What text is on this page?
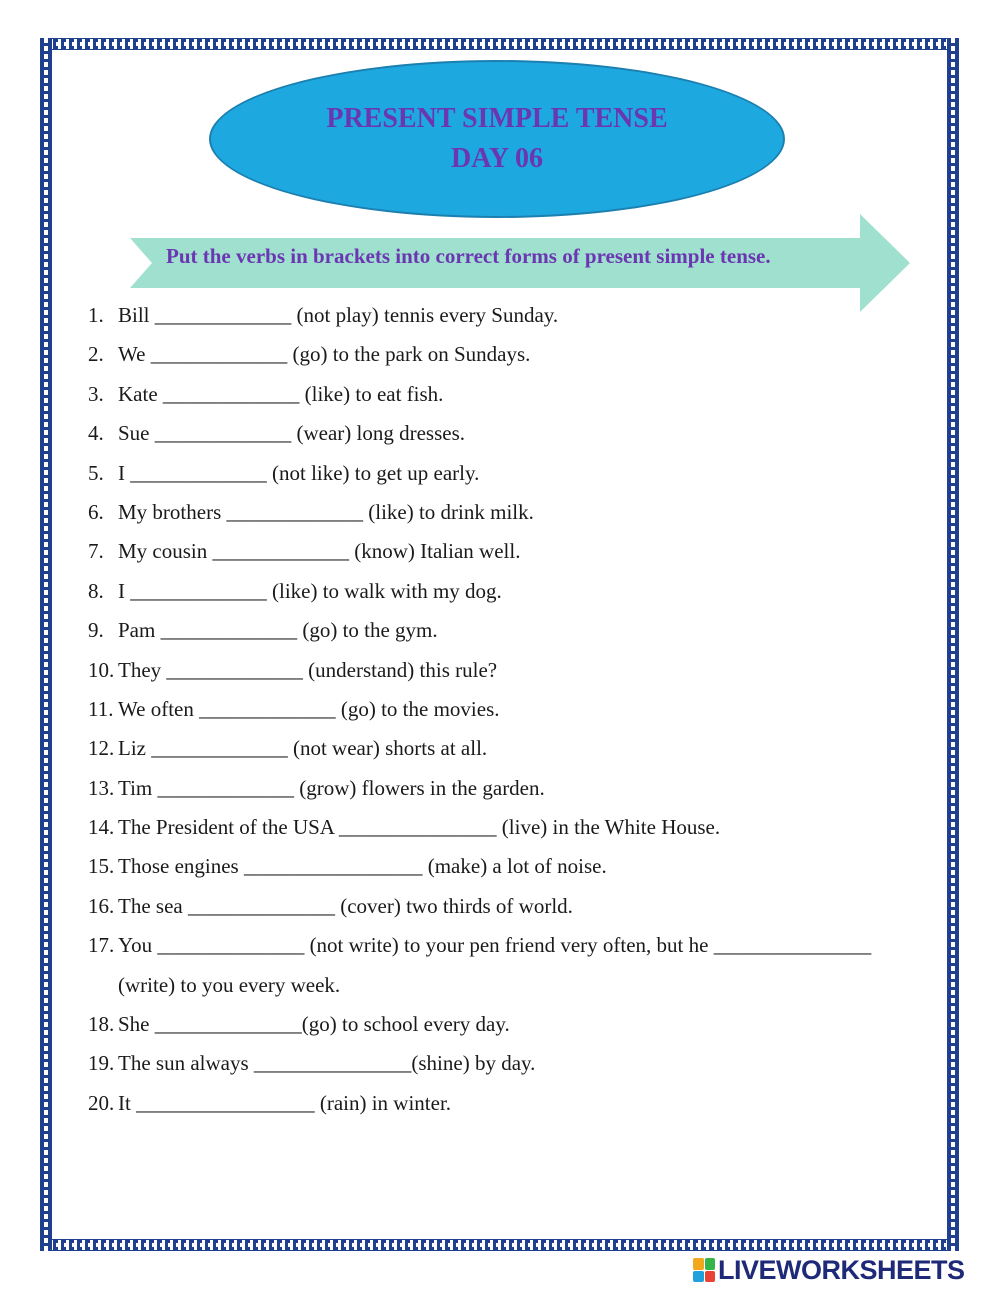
PRESENT SIMPLE TENSE
DAY 06
Put the verbs in brackets into correct forms of present simple tense.
1. Bill _____________ (not play) tennis every Sunday.
2. We _____________ (go) to the park on Sundays.
3. Kate _____________ (like) to eat fish.
4. Sue _____________ (wear) long dresses.
5. I _____________ (not like) to get up early.
6. My brothers _____________ (like) to drink milk.
7. My cousin _____________ (know) Italian well.
8. I _____________ (like) to walk with my dog.
9. Pam _____________ (go) to the gym.
10. They _____________ (understand) this rule?
11. We often _____________ (go) to the movies.
12. Liz _____________ (not wear) shorts at all.
13. Tim _____________ (grow) flowers in the garden.
14. The President of the USA _______________ (live) in the White House.
15. Those engines _________________ (make) a lot of noise.
16. The sea ______________ (cover) two thirds of world.
17. You ______________ (not write) to your pen friend very often, but he _______________
(write) to you every week.
18. She ______________(go) to school every day.
19. The sun always _______________(shine) by day.
20. It _________________ (rain) in winter.
LIVEWORKSHEETS
